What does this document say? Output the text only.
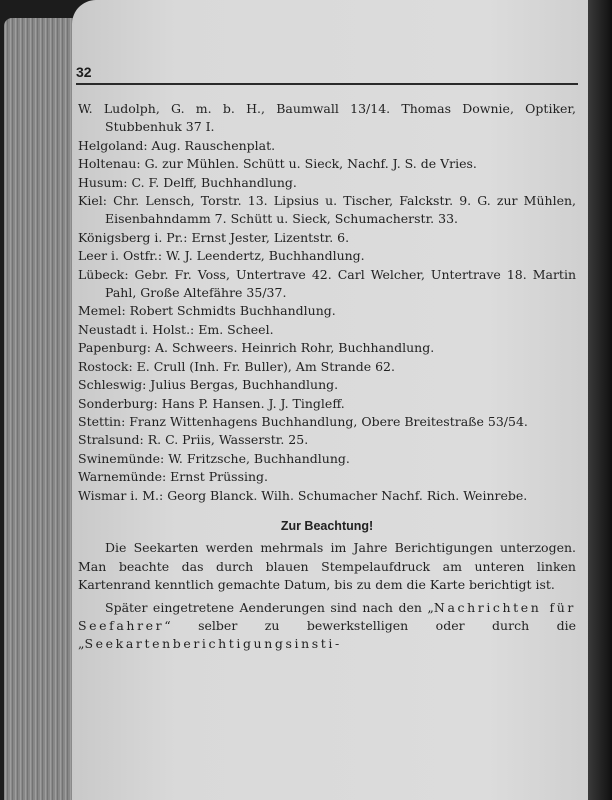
32

W. Ludolph, G. m. b. H., Baumwall 13/14. Thomas Downie, Optiker, Stubbenhuk 37 I.

Helgoland: Aug. Rauschenplat.

Holtenau: G. zur Mühlen. Schütt u. Sieck, Nachf. J. S. de Vries.

Husum: C. F. Delff, Buchhandlung.

Kiel: Chr. Lensch, Torstr. 13. Lipsius u. Tischer, Falckstr. 9. G. zur Mühlen, Eisenbahndamm 7. Schütt u. Sieck, Schumacherstr. 33.

Königsberg i. Pr.: Ernst Jester, Lizentstr. 6.

Leer i. Ostfr.: W. J. Leendertz, Buchhandlung.

Lübeck: Gebr. Fr. Voss, Untertrave 42. Carl Welcher, Untertrave 18. Martin Pahl, Große Altefähre 35/37.

Memel: Robert Schmidts Buchhandlung.

Neustadt i. Holst.: Em. Scheel.

Papenburg: A. Schweers. Heinrich Rohr, Buchhandlung.

Rostock: E. Crull (Inh. Fr. Buller), Am Strande 62.

Schleswig: Julius Bergas, Buchhandlung.

Sonderburg: Hans P. Hansen. J. J. Tingleff.

Stettin: Franz Wittenhagens Buchhandlung, Obere Breitestraße 53/54.

Stralsund: R. C. Priis, Wasserstr. 25.

Swinemünde: W. Fritzsche, Buchhandlung.

Warnemünde: Ernst Prüssing.

Wismar i. M.: Georg Blanck. Wilh. Schumacher Nachf. Rich. Weinrebe.

Zur Beachtung!

Die Seekarten werden mehrmals im Jahre Berichtigungen unterzogen. Man beachte das durch blauen Stempelaufdruck am unteren linken Kartenrand kenntlich gemachte Datum, bis zu dem die Karte berichtigt ist.

Später eingetretene Aenderungen sind nach den „Nachrichten für Seefahrer“ selber zu bewerkstelligen oder durch die „Seekartenberichtigungsinsti-
